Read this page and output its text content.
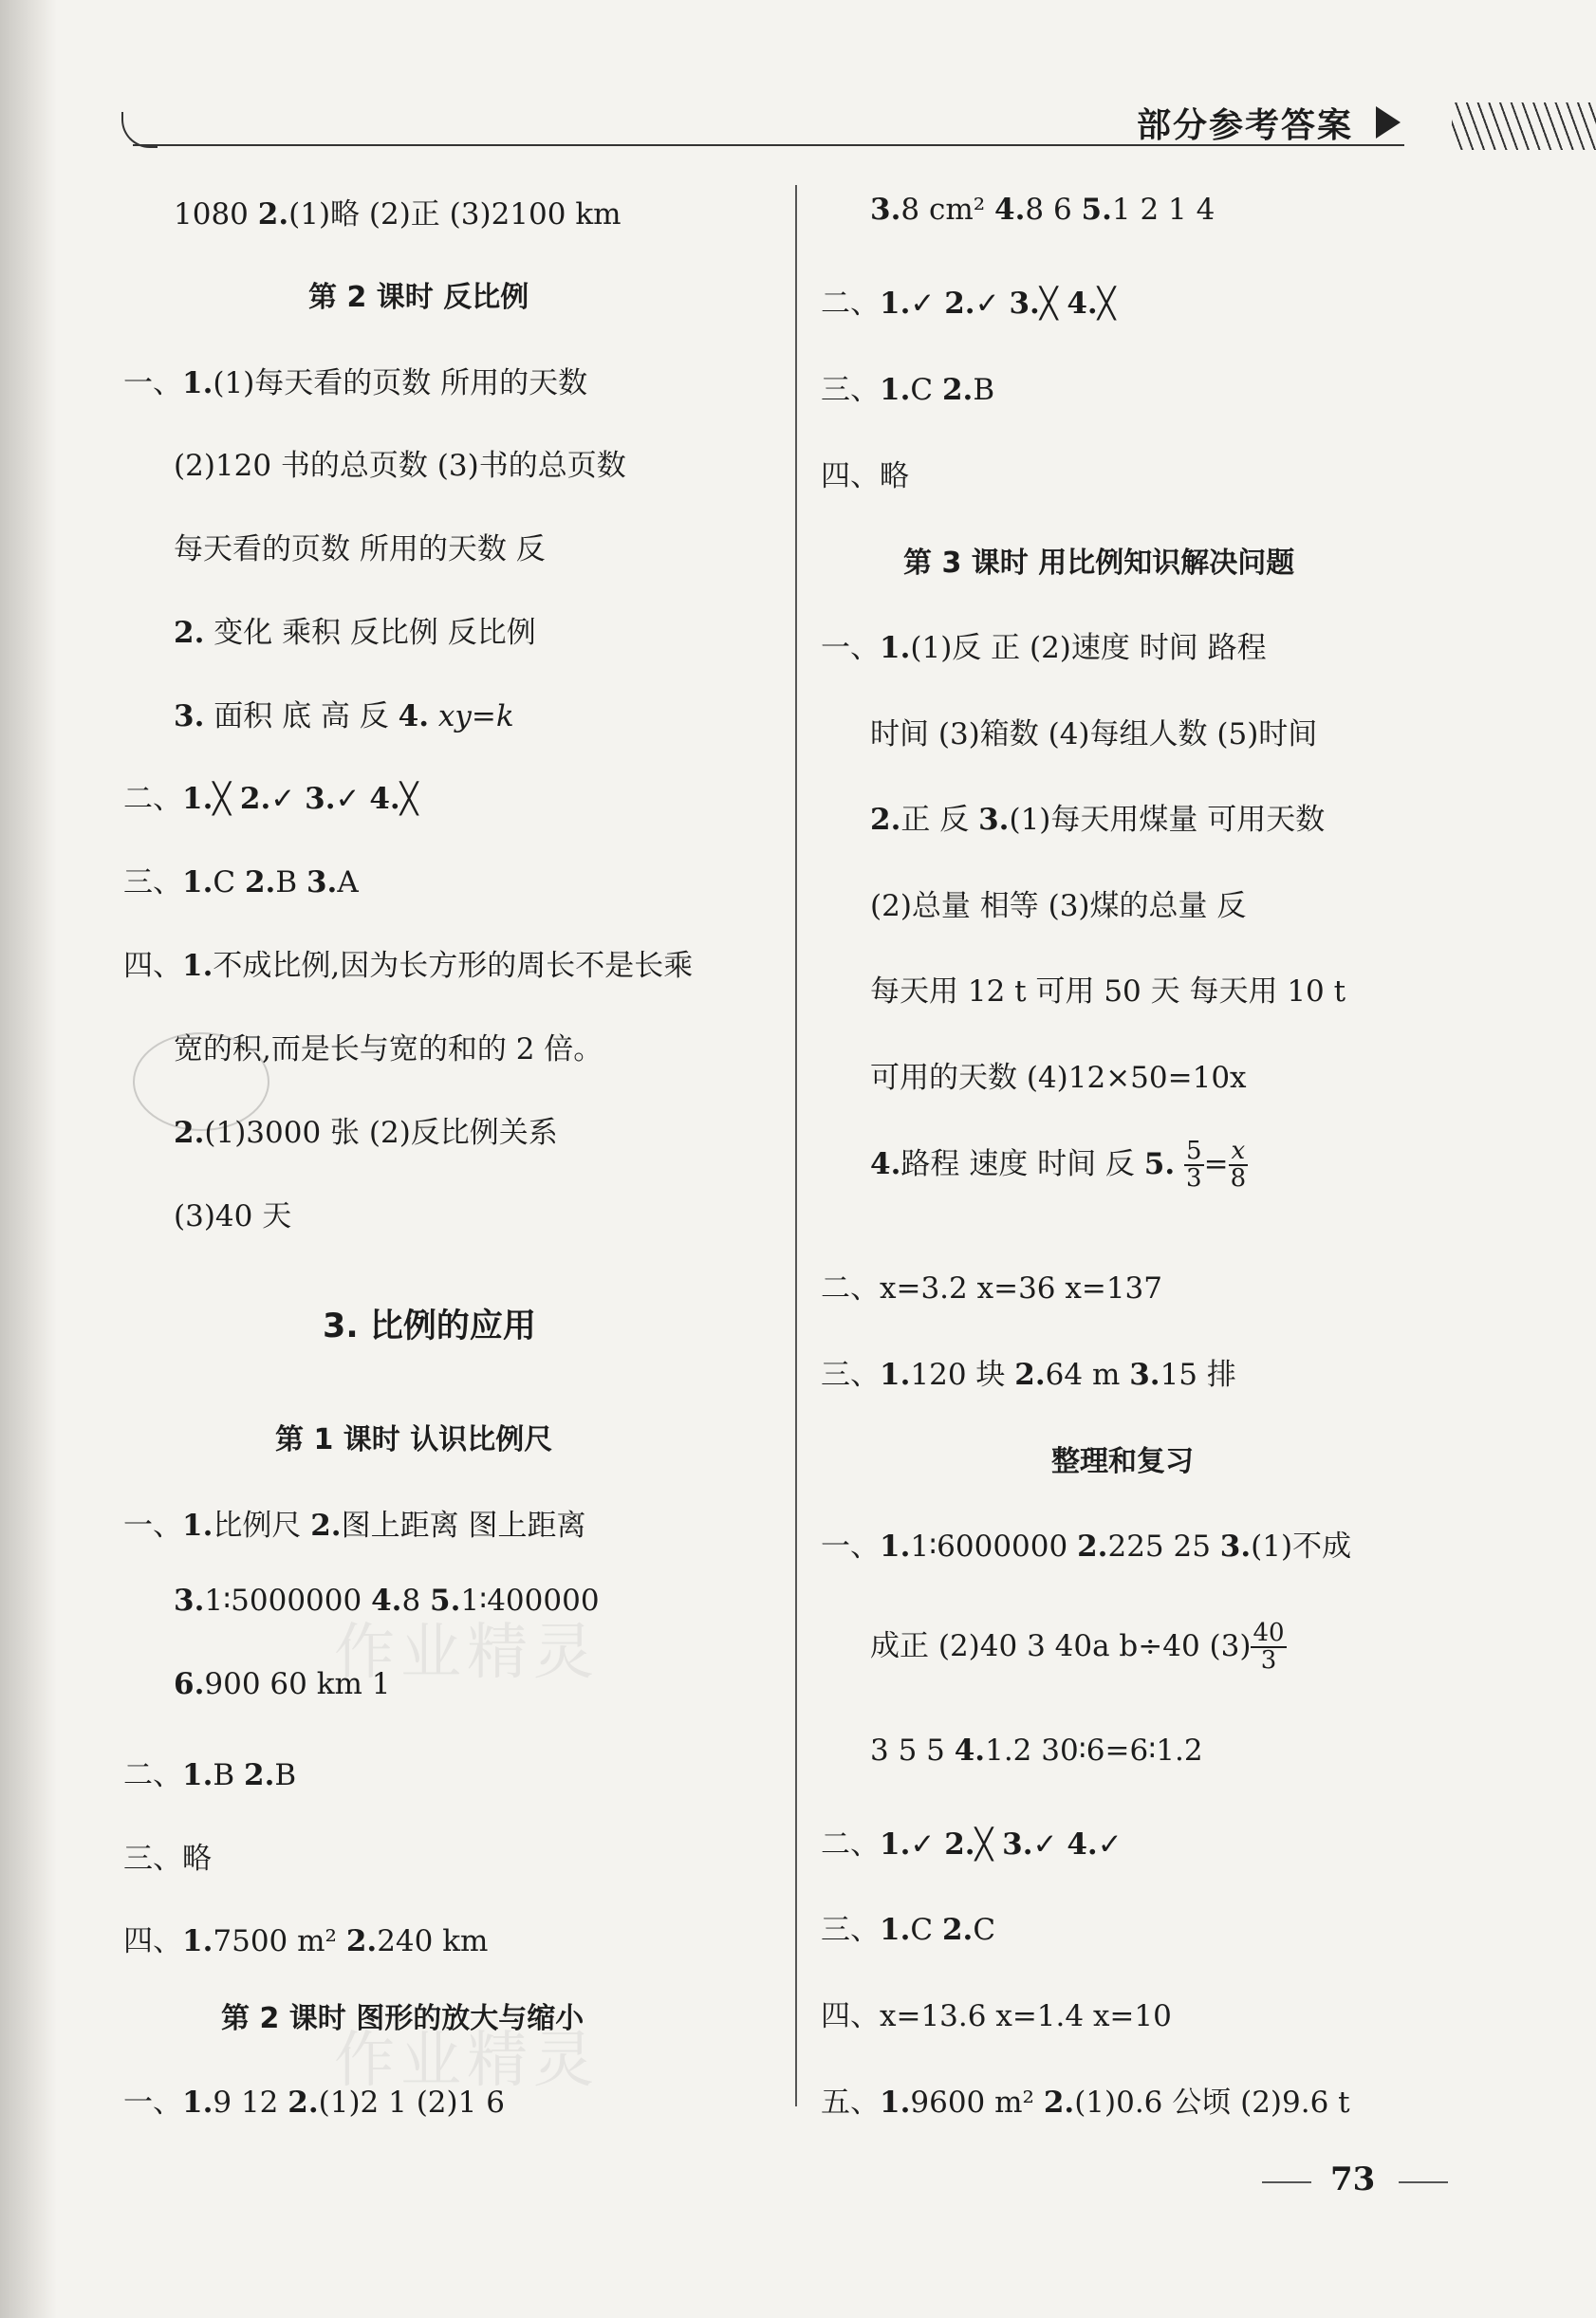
部分参考答案
1080 2.(1)略 (2)正 (3)2100 km
第 2 课时 反比例
一、1.(1)每天看的页数 所用的天数
(2)120 书的总页数 (3)书的总页数
每天看的页数 所用的天数 反
2. 变化 乘积 反比例 反比例
3. 面积 底 高 反 4. xy=k
二、1.╳ 2.✓ 3.✓ 4.╳
三、1.C 2.B 3.A
四、1.不成比例,因为长方形的周长不是长乘
宽的积,而是长与宽的和的 2 倍。
2.(1)3000 张 (2)反比例关系
(3)40 天
3. 比例的应用
第 1 课时 认识比例尺
一、1.比例尺 2.图上距离 图上距离
3.1∶5000000 4.8 5.1∶400000
作业精灵
6.900 60 km 1
二、1.B 2.B
三、略
四、1.7500 m² 2.240 km
第 2 课时 图形的放大与缩小
作业精灵
一、1.9 12 2.(1)2 1 (2)1 6
3.8 cm² 4.8 6 5.1 2 1 4
二、1.✓ 2.✓ 3.╳ 4.╳
三、1.C 2.B
四、略
第 3 课时 用比例知识解决问题
一、1.(1)反 正 (2)速度 时间 路程
时间 (3)箱数 (4)每组人数 (5)时间
2.正 反 3.(1)每天用煤量 可用天数
(2)总量 相等 (3)煤的总量 反
每天用 12 t 可用 50 天 每天用 10 t
可用的天数 (4)12×50=10x
4.路程 速度 时间 反 5. $\frac{5}{3} = \frac{x}{8}$
二、x=3.2 x=36 x=137
三、1.120 块 2.64 m 3.15 排
整理和复习
一、1.1∶6000000 2.225 25 3.(1)不成
成正 (2)40 3 40a b÷40 $(3) \frac{40}{3}$
3 5 5 4.1.2 30∶6=6∶1.2
二、1.✓ 2.╳ 3.✓ 4.✓
三、1.C 2.C
四、x=13.6 x=1.4 x=10
五、1.9600 m² 2.(1)0.6 公顷 (2)9.6 t
73
